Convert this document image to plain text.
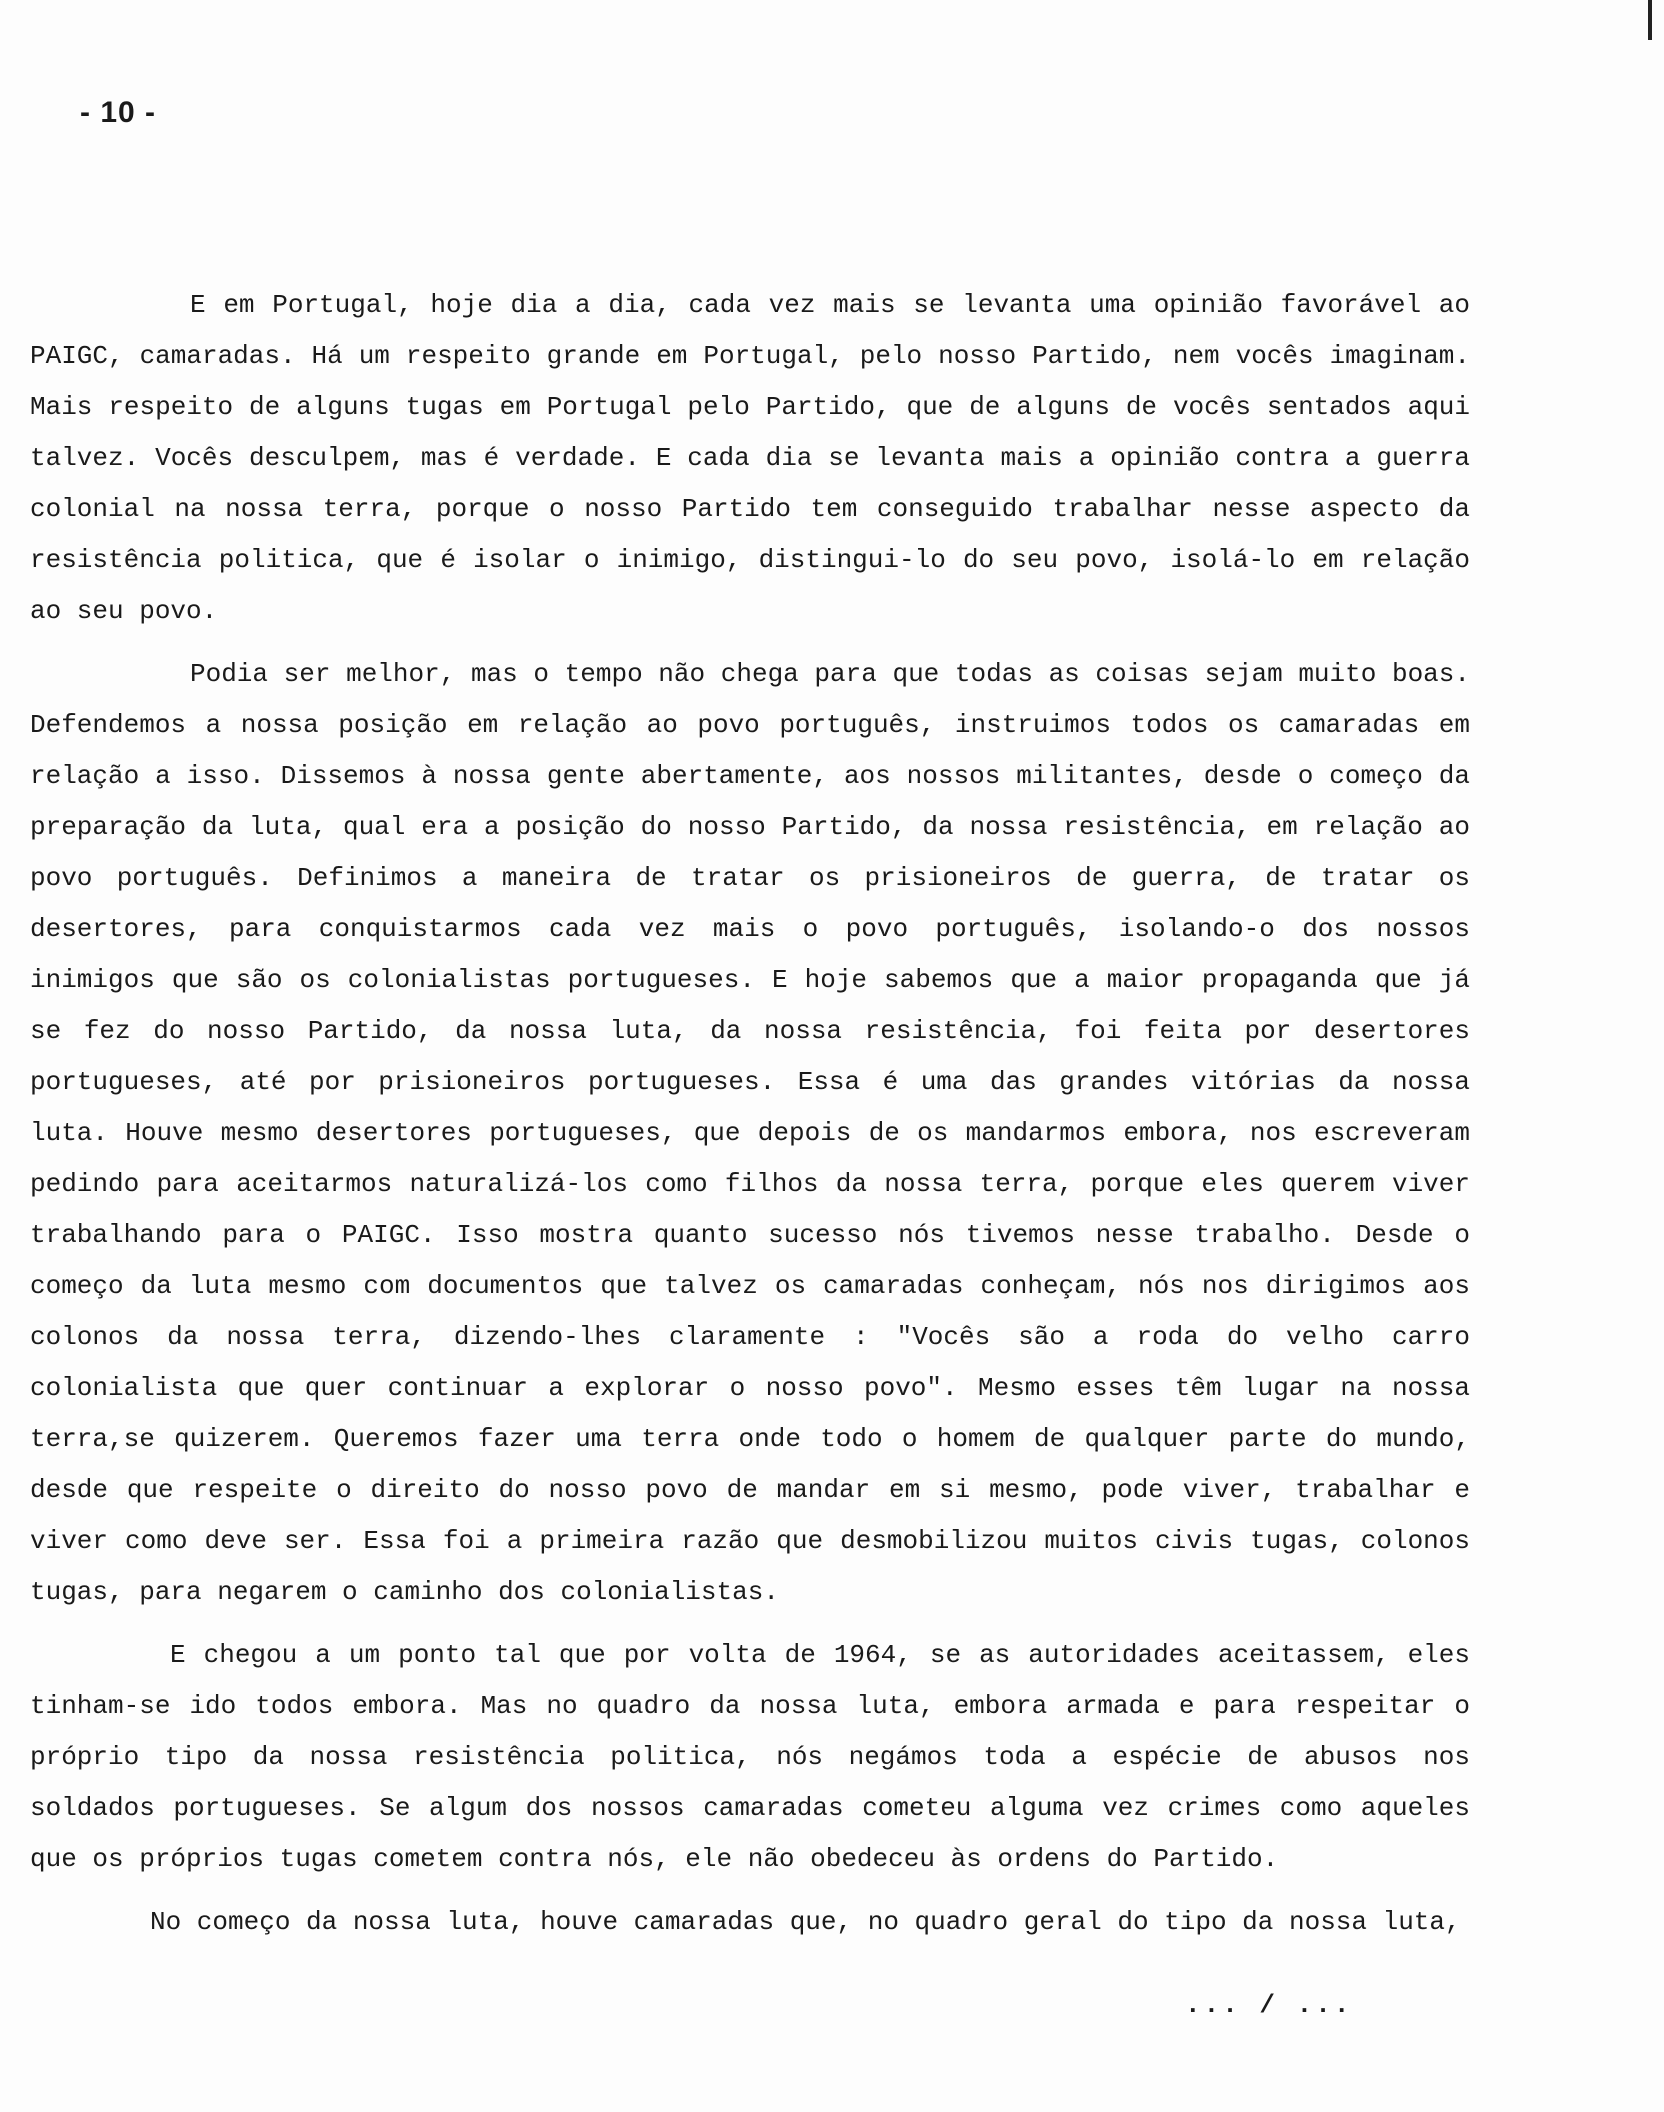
- 10 -

E em Portugal, hoje dia a dia, cada vez mais se levanta uma opinião favorável ao PAIGC, camaradas. Há um respeito grande em Portugal, pelo nosso Partido, nem vocês imaginam. Mais respeito de alguns tugas em Portugal pelo Partido, que de alguns de vocês sentados aqui talvez. Vocês desculpem, mas é verdade. E cada dia se levanta mais a opinião contra a guerra colonial na nossa terra, porque o nosso Partido tem conseguido trabalhar nesse aspecto da resistência politica, que é isolar o inimigo, distingui-lo do seu povo, isolá-lo em relação ao seu povo.

Podia ser melhor, mas o tempo não chega para que todas as coisas sejam muito boas. Defendemos a nossa posição em relação ao povo português, instruimos todos os camaradas em relação a isso. Dissemos à nossa gente abertamente, aos nossos militantes, desde o começo da preparação da luta, qual era a posição do nosso Partido, da nossa resistência, em relação ao povo português. Definimos a maneira de tratar os prisioneiros de guerra, de tratar os desertores, para conquistarmos cada vez mais o povo português, isolando-o dos nossos inimigos que são os colonialistas portugueses. E hoje sabemos que a maior propaganda que já se fez do nosso Partido, da nossa luta, da nossa resistência, foi feita por desertores portugueses, até por prisioneiros portugueses. Essa é uma das grandes vitórias da nossa luta. Houve mesmo desertores portugueses, que depois de os mandarmos embora, nos escreveram pedindo para aceitarmos naturalizá-los como filhos da nossa terra, porque eles querem viver trabalhando para o PAIGC. Isso mostra quanto sucesso nós tivemos nesse trabalho. Desde o começo da luta mesmo com documentos que talvez os camaradas conheçam, nós nos dirigimos aos colonos da nossa terra, dizendo-lhes claramente : "Vocês são a roda do velho carro colonialista que quer continuar a explorar o nosso povo". Mesmo esses têm lugar na nossa terra,se quizerem. Queremos fazer uma terra onde todo o homem de qualquer parte do mundo, desde que respeite o direito do nosso povo de mandar em si mesmo, pode viver, trabalhar e viver como deve ser. Essa foi a primeira razão que desmobilizou muitos civis tugas, colonos tugas, para negarem o caminho dos colonialistas.

E chegou a um ponto tal que por volta de 1964, se as autoridades aceitassem, eles tinham-se ido todos embora. Mas no quadro da nossa luta, embora armada e para respeitar o próprio tipo da nossa resistência politica, nós negámos toda a espécie de abusos nos soldados portugueses. Se algum dos nossos camaradas cometeu alguma vez crimes como aqueles que os próprios tugas cometem contra nós, ele não obedeceu às ordens do Partido.

No começo da nossa luta, houve camaradas que, no quadro geral do tipo da nossa luta,

... / ...
